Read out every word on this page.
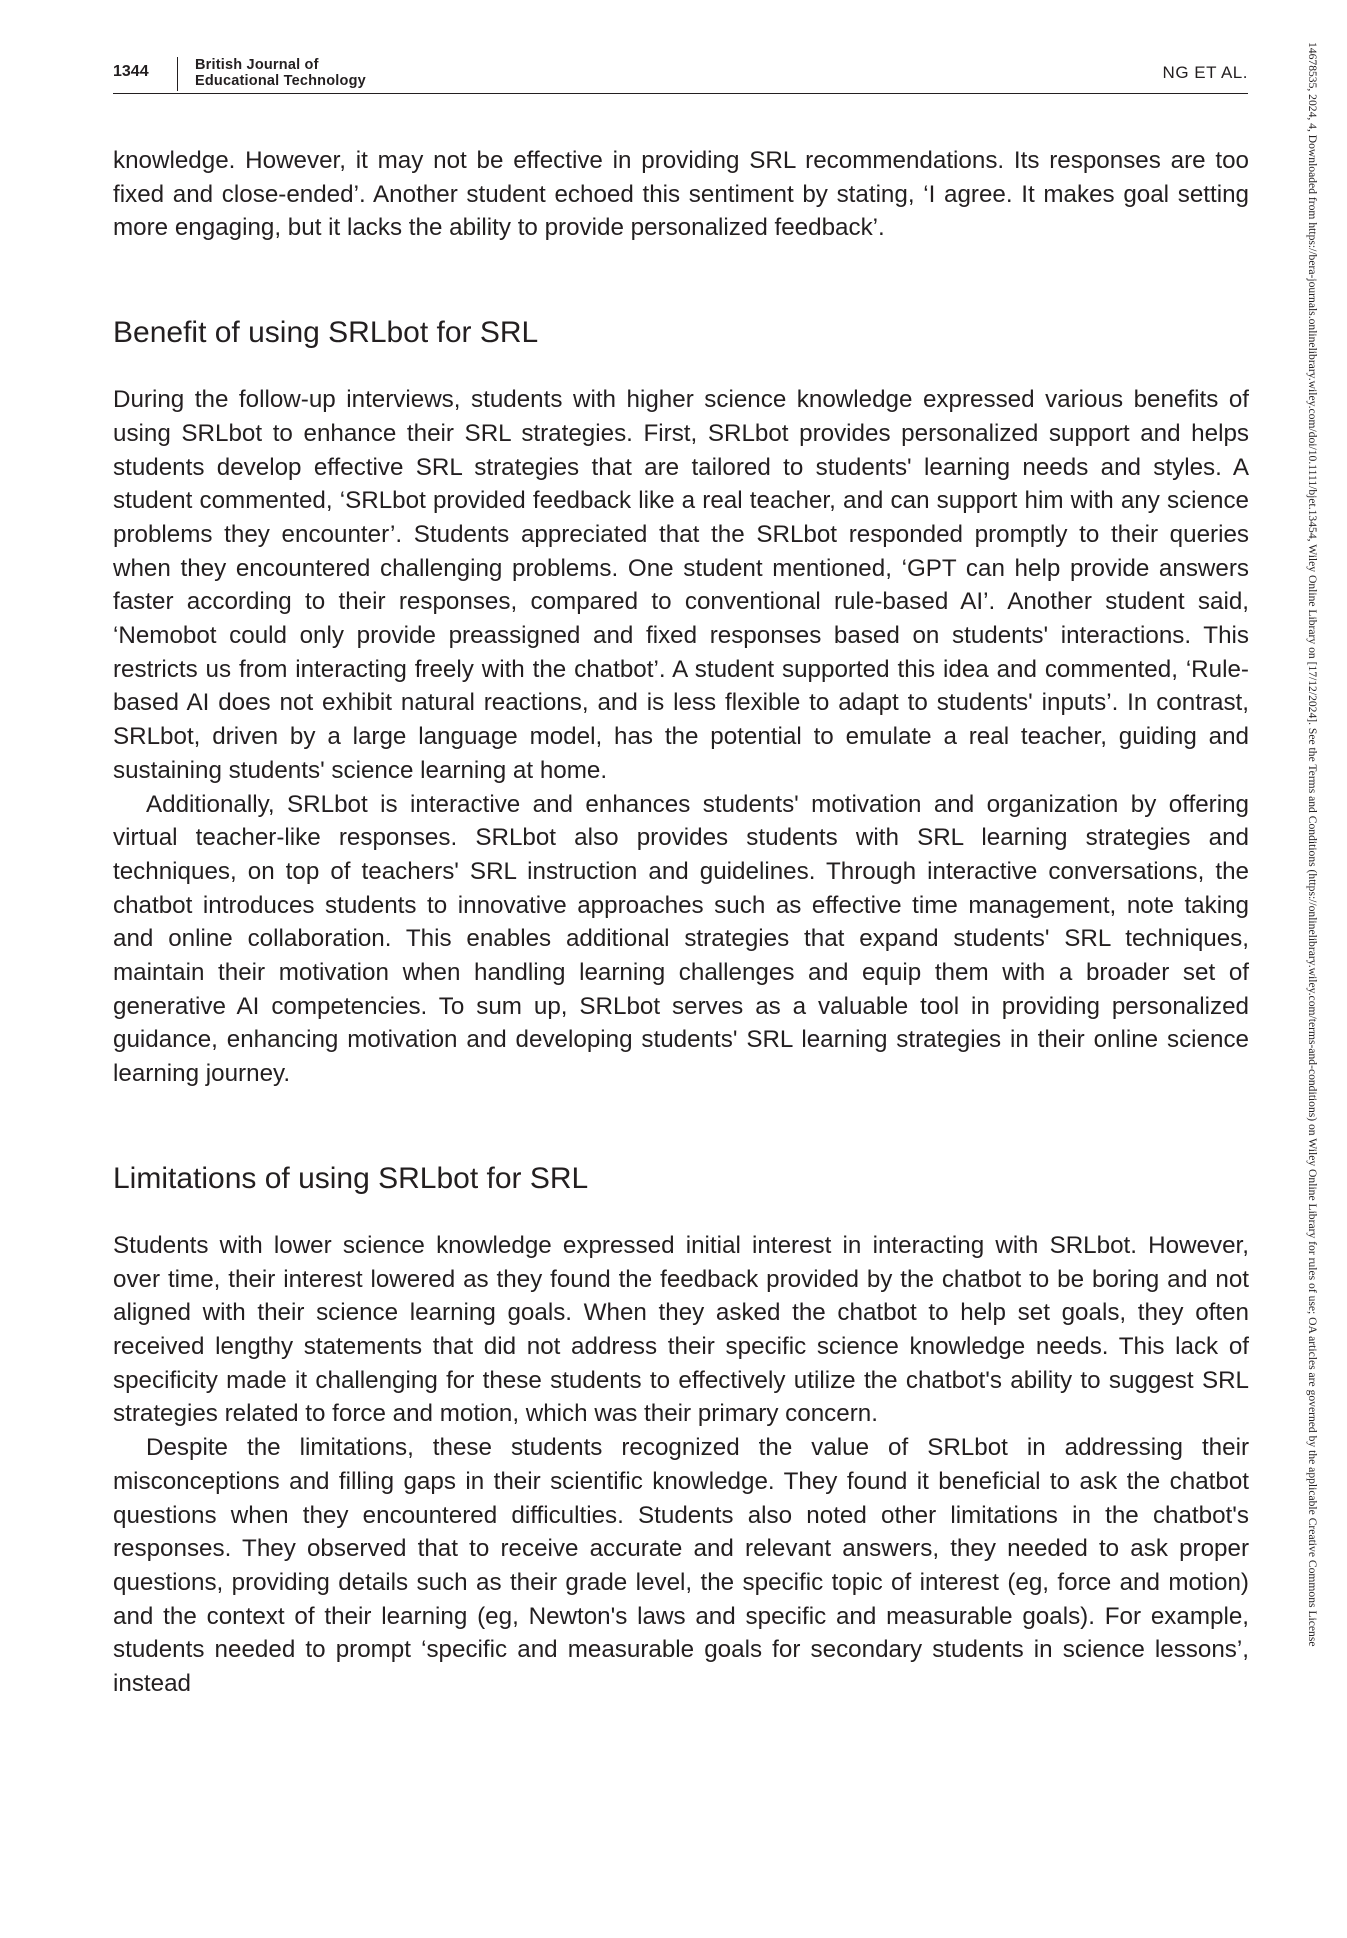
1344	British Journal of
Educational Technology	NG ET AL.

knowledge. However, it may not be effective in providing SRL recommendations. Its responses are too fixed and close-ended’. Another student echoed this sentiment by stating, ‘I agree. It makes goal setting more engaging, but it lacks the ability to provide personalized feedback’.

Benefit of using SRLbot for SRL

During the follow-up interviews, students with higher science knowledge expressed various benefits of using SRLbot to enhance their SRL strategies. First, SRLbot provides personalized support and helps students develop effective SRL strategies that are tailored to students' learning needs and styles. A student commented, ‘SRLbot provided feedback like a real teacher, and can support him with any science problems they encounter’. Students appreciated that the SRLbot responded promptly to their queries when they encountered challenging problems. One student mentioned, ‘GPT can help provide answers faster according to their responses, compared to conventional rule-based AI’. Another student said, ‘Nemobot could only provide preassigned and fixed responses based on students' interactions. This restricts us from interacting freely with the chatbot’. A student supported this idea and commented, ‘Rule-based AI does not exhibit natural reactions, and is less flexible to adapt to students' inputs’. In contrast, SRLbot, driven by a large language model, has the potential to emulate a real teacher, guiding and sustaining students' science learning at home.

Additionally, SRLbot is interactive and enhances students' motivation and organization by offering virtual teacher-like responses. SRLbot also provides students with SRL learning strategies and techniques, on top of teachers' SRL instruction and guidelines. Through interactive conversations, the chatbot introduces students to innovative approaches such as effective time management, note taking and online collaboration. This enables additional strategies that expand students' SRL techniques, maintain their motivation when handling learning challenges and equip them with a broader set of generative AI competencies. To sum up, SRLbot serves as a valuable tool in providing personalized guidance, enhancing motivation and developing students' SRL learning strategies in their online science learning journey.

Limitations of using SRLbot for SRL

Students with lower science knowledge expressed initial interest in interacting with SRLbot. However, over time, their interest lowered as they found the feedback provided by the chatbot to be boring and not aligned with their science learning goals. When they asked the chatbot to help set goals, they often received lengthy statements that did not address their specific science knowledge needs. This lack of specificity made it challenging for these students to effectively utilize the chatbot's ability to suggest SRL strategies related to force and motion, which was their primary concern.

Despite the limitations, these students recognized the value of SRLbot in addressing their misconceptions and filling gaps in their scientific knowledge. They found it beneficial to ask the chatbot questions when they encountered difficulties. Students also noted other limitations in the chatbot's responses. They observed that to receive accurate and relevant answers, they needed to ask proper questions, providing details such as their grade level, the specific topic of interest (eg, force and motion) and the context of their learning (eg, Newton's laws and specific and measurable goals). For example, students needed to prompt ‘specific and measurable goals for secondary students in science lessons’, instead

14678535, 2024, 4, Downloaded from https://bera-journals.onlinelibrary.wiley.com/doi/10.1111/bjet.13454, Wiley Online Library on [17/12/2024]. See the Terms and Conditions (https://onlinelibrary.wiley.com/terms-and-conditions) on Wiley Online Library for rules of use; OA articles are governed by the applicable Creative Commons License
